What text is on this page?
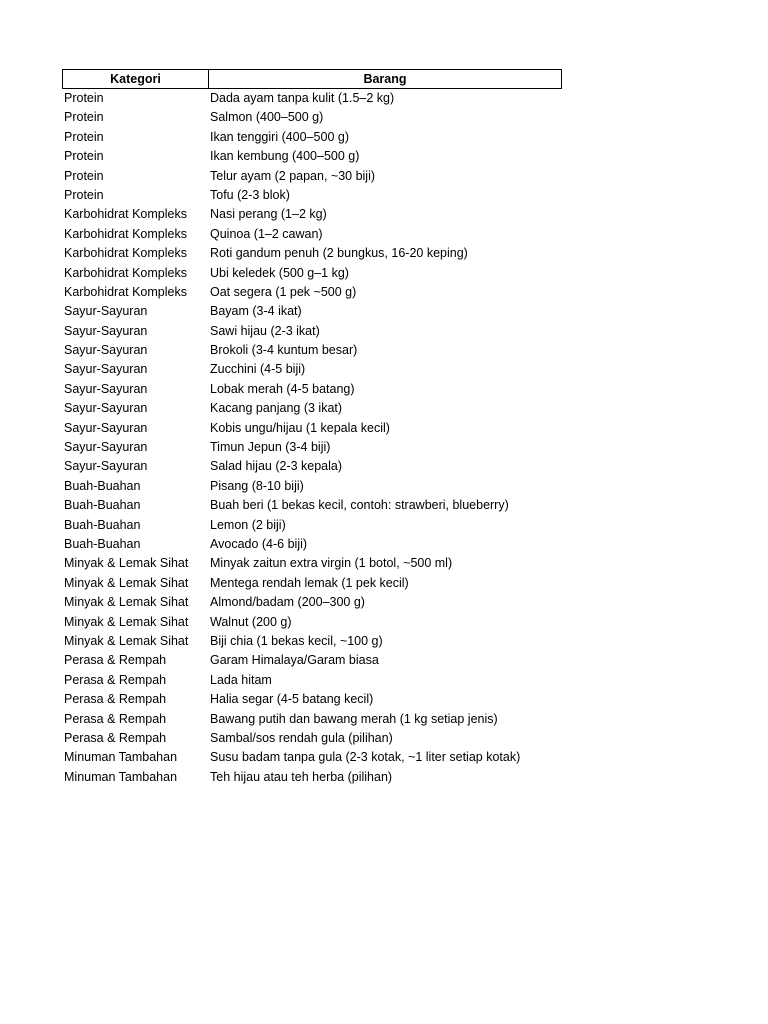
Kategori	Barang
Protein	Dada ayam tanpa kulit (1.5–2 kg)
Protein	Salmon (400–500 g)
Protein	Ikan tenggiri (400–500 g)
Protein	Ikan kembung (400–500 g)
Protein	Telur ayam (2 papan, ~30 biji)
Protein	Tofu (2-3 blok)
Karbohidrat Kompleks	Nasi perang (1–2 kg)
Karbohidrat Kompleks	Quinoa (1–2 cawan)
Karbohidrat Kompleks	Roti gandum penuh (2 bungkus, 16-20 keping)
Karbohidrat Kompleks	Ubi keledek (500 g–1 kg)
Karbohidrat Kompleks	Oat segera (1 pek ~500 g)
Sayur-Sayuran	Bayam (3-4 ikat)
Sayur-Sayuran	Sawi hijau (2-3 ikat)
Sayur-Sayuran	Brokoli (3-4 kuntum besar)
Sayur-Sayuran	Zucchini (4-5 biji)
Sayur-Sayuran	Lobak merah (4-5 batang)
Sayur-Sayuran	Kacang panjang (3 ikat)
Sayur-Sayuran	Kobis ungu/hijau (1 kepala kecil)
Sayur-Sayuran	Timun Jepun (3-4 biji)
Sayur-Sayuran	Salad hijau (2-3 kepala)
Buah-Buahan	Pisang (8-10 biji)
Buah-Buahan	Buah beri (1 bekas kecil, contoh: strawberi, blueberry)
Buah-Buahan	Lemon (2 biji)
Buah-Buahan	Avocado (4-6 biji)
Minyak & Lemak Sihat	Minyak zaitun extra virgin (1 botol, ~500 ml)
Minyak & Lemak Sihat	Mentega rendah lemak (1 pek kecil)
Minyak & Lemak Sihat	Almond/badam (200–300 g)
Minyak & Lemak Sihat	Walnut (200 g)
Minyak & Lemak Sihat	Biji chia (1 bekas kecil, ~100 g)
Perasa & Rempah	Garam Himalaya/Garam biasa
Perasa & Rempah	Lada hitam
Perasa & Rempah	Halia segar (4-5 batang kecil)
Perasa & Rempah	Bawang putih dan bawang merah (1 kg setiap jenis)
Perasa & Rempah	Sambal/sos rendah gula (pilihan)
Minuman Tambahan	Susu badam tanpa gula (2-3 kotak, ~1 liter setiap kotak)
Minuman Tambahan	Teh hijau atau teh herba (pilihan)
